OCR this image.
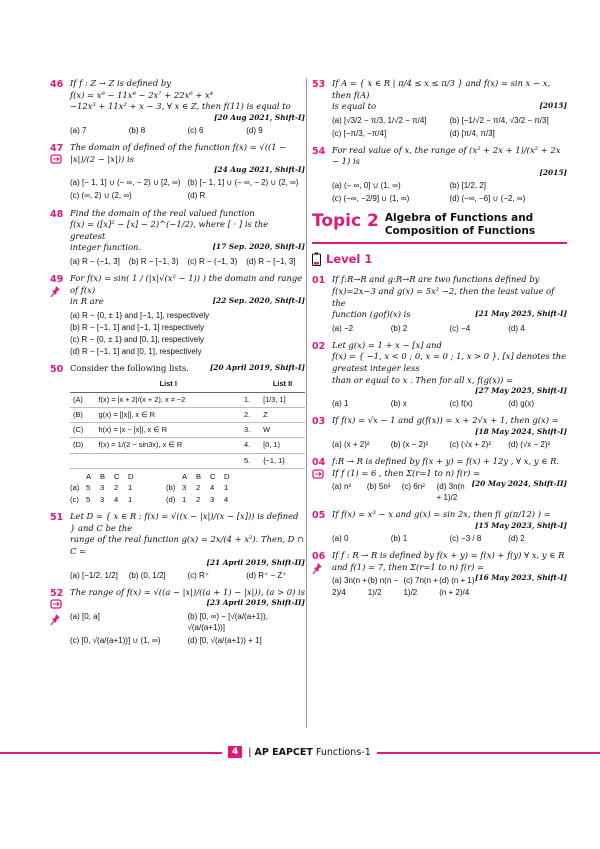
46 If f : Z → Z is defined by
f(x) = x⁹ − 11x⁸ − 2x⁷ + 22x⁶ + x⁴
−12x³ + 11x² + x − 3, ∀ x ∈ Z, then f(11) is equal to
[20 Aug 2021, Shift-I]
(a) 7	(b) 8	(c) 6	(d) 9
47 The domain of defined of the function f(x) = √((1 − |x|)/(2 − |x|)) is
[24 Aug 2021, Shift-I]
(a) [− 1, 1] ∪ (− ∞, − 2) ∪ [2, ∞) (b) [− 1, 1] ∪ (− ∞, − 2) ∪ (2, ∞)
(c) (∞, 2) ∪ (2, ∞)	(d) R
48 Find the domain of the real valued function
f(x) = ([x]² − [x] − 2)^(−1/2), where [ · ] is the greatest
integer function.	[17 Sep. 2020, Shift-I]
(a) R − (−1, 3]	(b) R − [−1, 3)	(c) R − (−1, 3)	(d) R − [−1, 3]
49 For f(x) = sin( 1 / (|x|√(x² − 1)) ) the domain and range of f(x)
in R are	[22 Sep. 2020, Shift-I]
(a) R − {0, ± 1} and [−1, 1], respectively
(b) R − [−1, 1] and [−1, 1] respectively
(c) R − {0, ± 1} and [0, 1], respectively
(d) R − [−1, 1] and [0, 1], respectively
50 Consider the following lists.	[20 April 2019, Shift-I]
	List I		List II
(A)	f(x) = |x + 2|/(x + 2), x ≠ −2	1.	[1/3, 1]
(B)	g(x) = [|x|], x ∈ R	2.	Z
(C)	h(x) = |x − [x]|, x ∈ R	3.	W
(D)	f(x) = 1/(2 − sin3x), x ∈ R	4.	[0, 1)
		5.	{−1, 1}
A	B	C	D	A	B	C	D
(a) 5	3	2	1	(b) 3	2	4	1
(c) 5	3	4	1	(d) 1	2	3	4
51 Let D = { x ∈ R : f(x) = √((x − |x|)/(x − [x])) is defined } and C be the
range of the real function g(x) = 2x/(4 + x²). Then, D ∩ C =
[21 April 2019, Shift-II]
(a) [−1/2, 1/2]	(b) (0, 1/2]	(c) R⁺	(d) R⁺ − Z⁺
52 The range of f(x) = √((a − |x|)/((a + 1) − |x|)), (a > 0) is
[23 April 2019, Shift-II]
(a) [0, a]	(b) [0, ∞) − [√(a/(a+1)), √(a/(a+1))]
(c) [0, √(a/(a+1))] ∪ (1, ∞)	(d) [0, √(a/(a+1)) + 1]
53 If A = { x ∈ R | π/4 ≤ x ≤ π/3 } and f(x) = sin x − x, then f(A)
is equal to	[2015]
(a) [√3/2 − π/3, 1/√2 − π/4]	(b) [−1/√2 − π/4, √3/2 − π/3]
(c) [−π/3, −π/4]	(d) [π/4, π/3]
54 For real value of x, the range of (x² + 2x + 1)/(x² + 2x − 1) is
[2015]
(a) (− ∞, 0] ∪ (1, ∞)	(b) [1/2, 2]
(c) (−∞, −2/9] ∪ (1, ∞)	(d) (−∞, −6] ∪ (−2, ∞)
Topic 2 Algebra of Functions and
Composition of Functions
Level 1
01 If f:R→R and g:R→R are two functions defined by
f(x)=2x−3 and g(x) = 5x² −2, then the least value of the
function (gof)(x) is	[21 May 2025, Shift-I]
(a) −2	(b) 2	(c) −4	(d) 4
02 Let g(x) = 1 + x − [x] and
f(x) = { −1, x < 0 ; 0, x = 0 ; 1, x > 0 }, [x] denotes the greatest integer less
than or equal to x . Then for all x, f(g(x)) =
[27 May 2025, Shift-I]
(a) 1	(b) x	(c) f(x)	(d) g(x)
03 If f(x) = √x − 1 and g(f(x)) = x + 2√x + 1, then g(x) =
[18 May 2024, Shift-I]
(a) (x + 2)²	(b) (x − 2)²	(c) (√x + 2)²	(d) (√x − 2)²
04 f:R → R is defined by f(x + y) = f(x) + 12y , ∀ x, y ∈ R.
If f (1) = 6 , then Σ(r=1 to n) f(r) =
[20 May 2024, Shift-II]
(a) n²	(b) 5n²	(c) 6n²	(d) 3n(n + 1)/2
05 If f(x) = x³ − x and g(x) = sin 2x, then f( g(π/12) ) =
[15 May 2023, Shift-I]
(a) 0	(b) 1	(c) −3 / 8	(d) 2
06 If f : R → R is defined by f(x + y) = f(x) + f(y) ∀ x, y ∈ R
and f(1) = 7, then Σ(r=1 to n) f(r) =
[16 May 2023, Shift-I]
(a) 3n(n + 2)/4
(b) n(n − 1)/2
(c) 7n(n + 1)/2
(d) (n + 1)(n + 2)/4
4	| AP EAPCET Functions-1
